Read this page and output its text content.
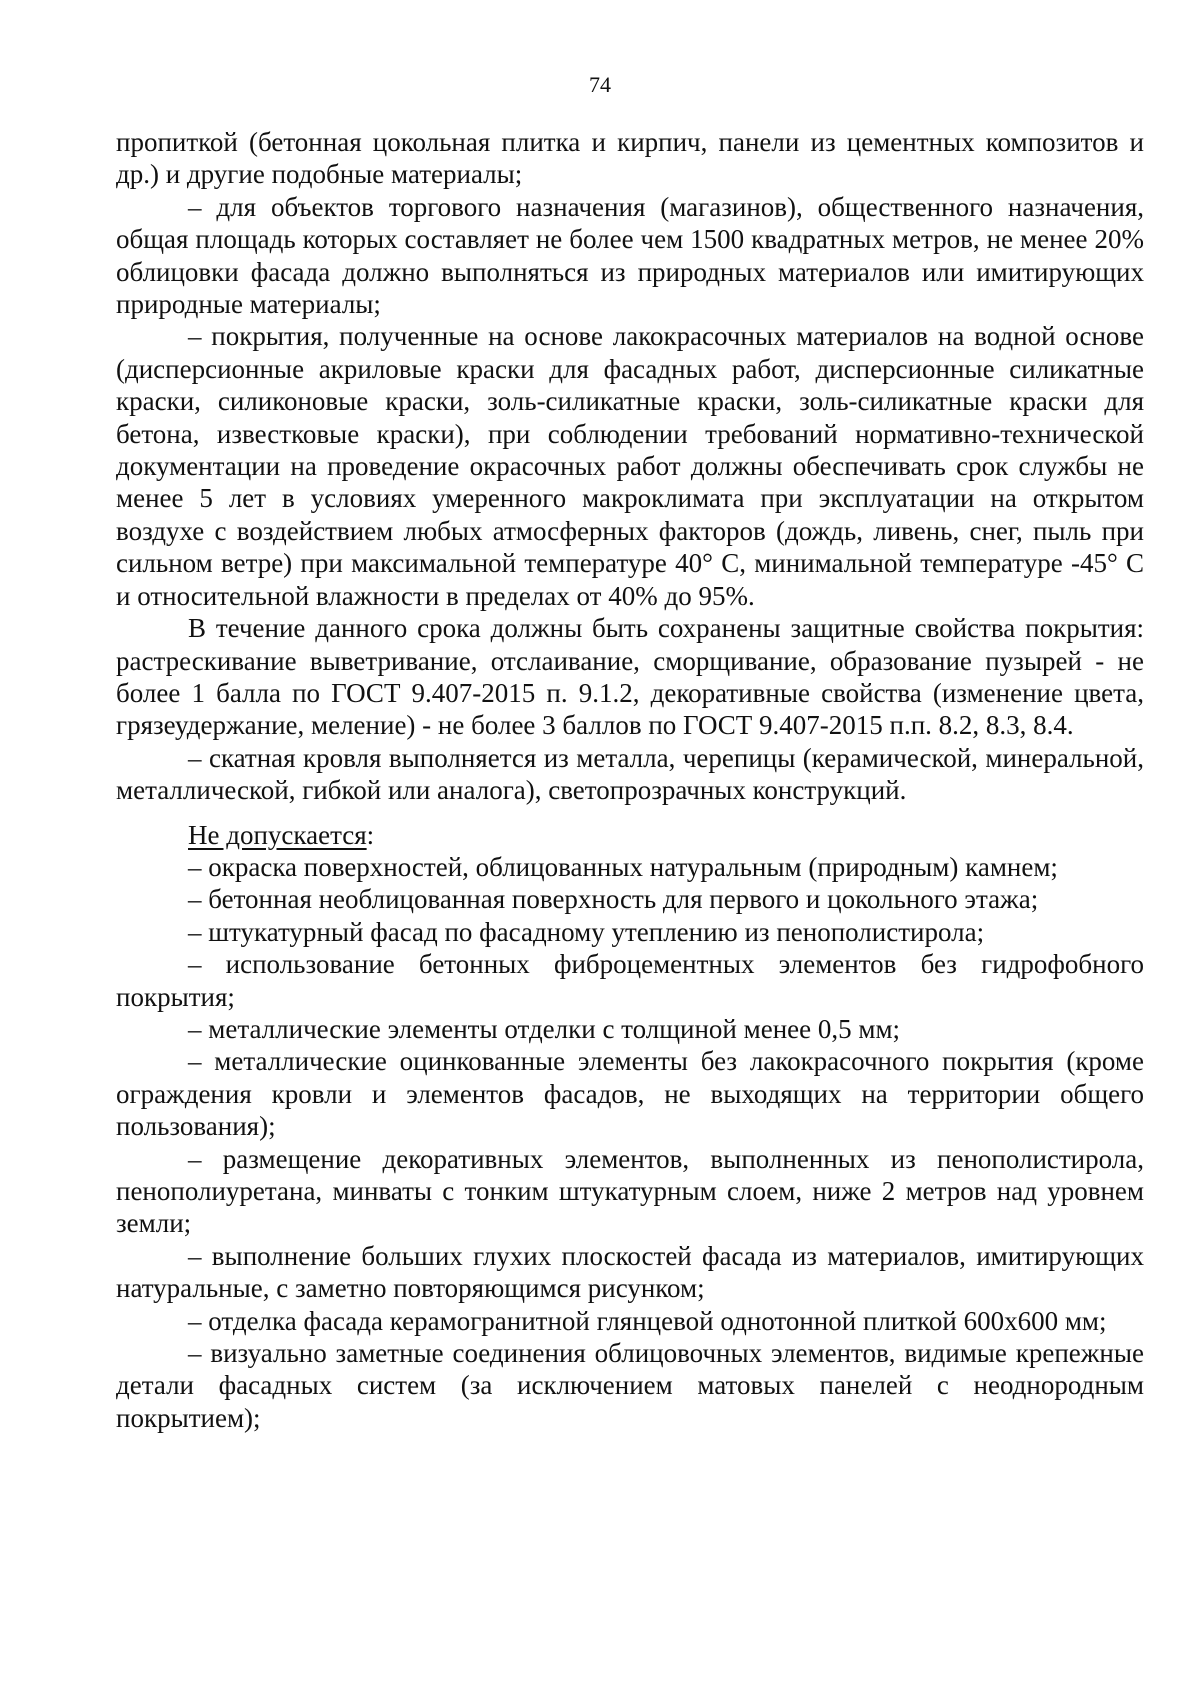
74

пропиткой (бетонная цокольная плитка и кирпич, панели из цементных композитов и др.) и другие подобные материалы;

– для объектов торгового назначения (магазинов), общественного назначения, общая площадь которых составляет не более чем 1500 квадратных метров, не менее 20% облицовки фасада должно выполняться из природных материалов или имитирующих природные материалы;

– покрытия, полученные на основе лакокрасочных материалов на водной основе (дисперсионные акриловые краски для фасадных работ, дисперсионные силикатные краски, силиконовые краски, золь-силикатные краски, золь-силикатные краски для бетона, известковые краски), при соблюдении требований нормативно-технической документации на проведение окрасочных работ должны обеспечивать срок службы не менее 5 лет в условиях умеренного макроклимата при эксплуатации на открытом воздухе с воздействием любых атмосферных факторов (дождь, ливень, снег, пыль при сильном ветре) при максимальной температуре 40° С, минимальной температуре -45° С и относительной влажности в пределах от 40% до 95%.

В течение данного срока должны быть сохранены защитные свойства покрытия: растрескивание выветривание, отслаивание, сморщивание, образование пузырей - не более 1 балла по ГОСТ 9.407-2015 п. 9.1.2, декоративные свойства (изменение цвета, грязеудержание, меление) - не более 3 баллов по ГОСТ 9.407-2015 п.п. 8.2, 8.3, 8.4.

– скатная кровля выполняется из металла, черепицы (керамической, минеральной, металлической, гибкой или аналога), светопрозрачных конструкций.

Не допускается:

– окраска поверхностей, облицованных натуральным (природным) камнем;

– бетонная необлицованная поверхность для первого и цокольного этажа;

– штукатурный фасад по фасадному утеплению из пенополистирола;

– использование бетонных фиброцементных элементов без гидрофобного покрытия;

– металлические элементы отделки с толщиной менее 0,5 мм;

– металлические оцинкованные элементы без лакокрасочного покрытия (кроме ограждения кровли и элементов фасадов, не выходящих на территории общего пользования);

– размещение декоративных элементов, выполненных из пенополистирола, пенополиуретана, минваты с тонким штукатурным слоем, ниже 2 метров над уровнем земли;

– выполнение больших глухих плоскостей фасада из материалов, имитирующих натуральные, с заметно повторяющимся рисунком;

– отделка фасада керамогранитной глянцевой однотонной плиткой 600х600 мм;

– визуально заметные соединения облицовочных элементов, видимые крепежные детали фасадных систем (за исключением матовых панелей с неоднородным покрытием);
